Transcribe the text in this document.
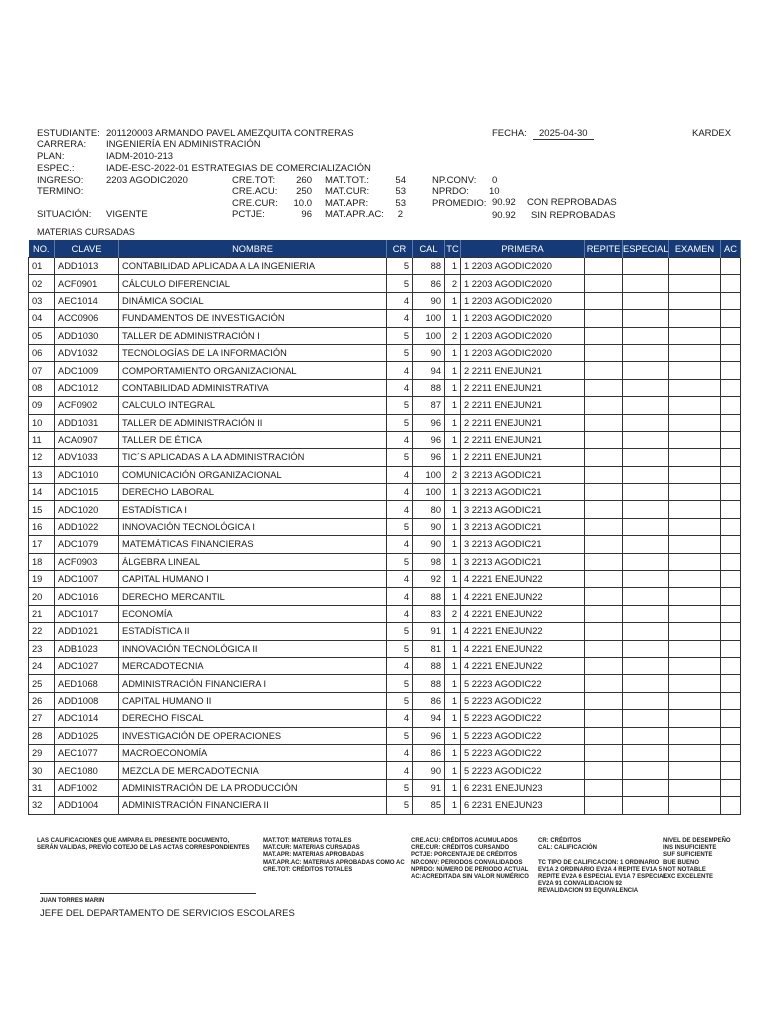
ESTUDIANTE: 201120003 ARMANDO PAVEL AMEZQUITA CONTRERAS
CARRERA: INGENIERÍA EN ADMINISTRACIÓN
PLAN:	IADM-2010-213
ESPEC.:	IADE-ESC-2022-01 ESTRATEGIAS DE COMERCIALIZACIÓN
INGRESO: 2203 AGODIC2020
TERMINO:
SITUACIÓN: VIGENTE
FECHA:	2025-04-30	KARDEX
CRE.TOT:	260
CRE.ACU:	250
CRE.CUR:	10.0
PCTJE:	96
MAT.TOT.:	54
MAT.CUR:	53
MAT.APR:	53
MAT.APR.AC:	2
NP.CONV: 0
NPRDO: 10
PROMEDIO: 90.92 CON REPROBADAS
90.92 SIN REPROBADAS
MATERIAS CURSADAS
NO.	CLAVE	NOMBRE	CR	CAL	TC	PRIMERA	REPITE	ESPECIAL	EXAMEN	AC
01	ADD1013	CONTABILIDAD APLICADA A LA INGENIERIA	5	88	1	1 2203 AGODIC2020				
02	ACF0901	CÁLCULO DIFERENCIAL	5	86	2	1 2203 AGODIC2020				
03	AEC1014	DINÁMICA SOCIAL	4	90	1	1 2203 AGODIC2020				
04	ACC0906	FUNDAMENTOS DE INVESTIGACIÓN	4	100	1	1 2203 AGODIC2020				
05	ADD1030	TALLER DE ADMINISTRACIÓN I	5	100	2	1 2203 AGODIC2020				
06	ADV1032	TECNOLOGÍAS DE LA INFORMACIÓN	5	90	1	1 2203 AGODIC2020				
07	ADC1009	COMPORTAMIENTO ORGANIZACIONAL	4	94	1	2 2211 ENEJUN21				
08	ADC1012	CONTABILIDAD ADMINISTRATIVA	4	88	1	2 2211 ENEJUN21				
09	ACF0902	CALCULO INTEGRAL	5	87	1	2 2211 ENEJUN21				
10	ADD1031	TALLER DE ADMINISTRACIÓN II	5	96	1	2 2211 ENEJUN21				
11	ACA0907	TALLER DE ÉTICA	4	96	1	2 2211 ENEJUN21				
12	ADV1033	TIC´S APLICADAS A LA ADMINISTRACIÓN	5	96	1	2 2211 ENEJUN21				
13	ADC1010	COMUNICACIÓN ORGANIZACIONAL	4	100	2	3 2213 AGODIC21				
14	ADC1015	DERECHO LABORAL	4	100	1	3 2213 AGODIC21				
15	ADC1020	ESTADÍSTICA I	4	80	1	3 2213 AGODIC21				
16	ADD1022	INNOVACIÓN TECNOLÓGICA I	5	90	1	3 2213 AGODIC21				
17	ADC1079	MATEMÁTICAS FINANCIERAS	4	90	1	3 2213 AGODIC21				
18	ACF0903	ÁLGEBRA LINEAL	5	98	1	3 2213 AGODIC21				
19	ADC1007	CAPITAL HUMANO I	4	92	1	4 2221 ENEJUN22				
20	ADC1016	DERECHO MERCANTIL	4	88	1	4 2221 ENEJUN22				
21	ADC1017	ECONOMÍA	4	83	2	4 2221 ENEJUN22				
22	ADD1021	ESTADÍSTICA II	5	91	1	4 2221 ENEJUN22				
23	ADB1023	INNOVACIÓN TECNOLÓGICA II	5	81	1	4 2221 ENEJUN22				
24	ADC1027	MERCADOTECNIA	4	88	1	4 2221 ENEJUN22				
25	AED1068	ADMINISTRACIÓN FINANCIERA I	5	88	1	5 2223 AGODIC22				
26	ADD1008	CAPITAL HUMANO II	5	86	1	5 2223 AGODIC22				
27	ADC1014	DERECHO FISCAL	4	94	1	5 2223 AGODIC22				
28	ADD1025	INVESTIGACIÓN DE OPERACIONES	5	96	1	5 2223 AGODIC22				
29	AEC1077	MACROECONOMÍA	4	86	1	5 2223 AGODIC22				
30	AEC1080	MEZCLA DE MERCADOTECNIA	4	90	1	5 2223 AGODIC22				
31	ADF1002	ADMINISTRACIÓN DE LA PRODUCCIÓN	5	91	1	6 2231 ENEJUN23				
32	ADD1004	ADMINISTRACIÓN FINANCIERA II	5	85	1	6 2231 ENEJUN23				
LAS CALIFICACIONES QUE AMPARA EL PRESENTE DOCUMENTO,
SERÁN VALIDAS, PREVIO COTEJO DE LAS ACTAS CORRESPONDIENTES
MAT.TOT: MATERIAS TOTALES
MAT.CUR: MATERIAS CURSADAS
MAT.APR: MATERIAS APROBADAS
MAT.APR.AC: MATERIAS APROBADAS COMO AC
CRE.TOT: CRÉDITOS TOTALES
CRE.ACU: CRÉDITOS ACUMULADOS
CRE.CUR: CRÉDITOS CURSANDO
PCTJE: PORCENTAJE DE CRÉDITOS
NP.CONV: PERIODOS CONVALIDADOS
NPRDO: NÚMERO DE PERIODO ACTUAL
AC:ACREDITADA SIN VALOR NUMÉRICO
CR: CRÉDITOS
CAL: CALIFICACIÓN

TC TIPO DE CALIFICACION: 1 ORDINARIO
EV1A 2 ORDINARIO EV2A 4 REPITE EV1A 5
REPITE EV2A 6 ESPECIAL EV1A 7 ESPECIAL
EV2A 91 CONVALIDACION 92
REVALIDACION 93 EQUIVALENCIA
NIVEL DE DESEMPEÑO
INS INSUFICIENTE
SUF SUFICIENTE
BUE BUENO
NOT NOTABLE
EXC EXCELENTE
JUAN TORRES MARIN
JEFE DEL DEPARTAMENTO DE SERVICIOS ESCOLARES
